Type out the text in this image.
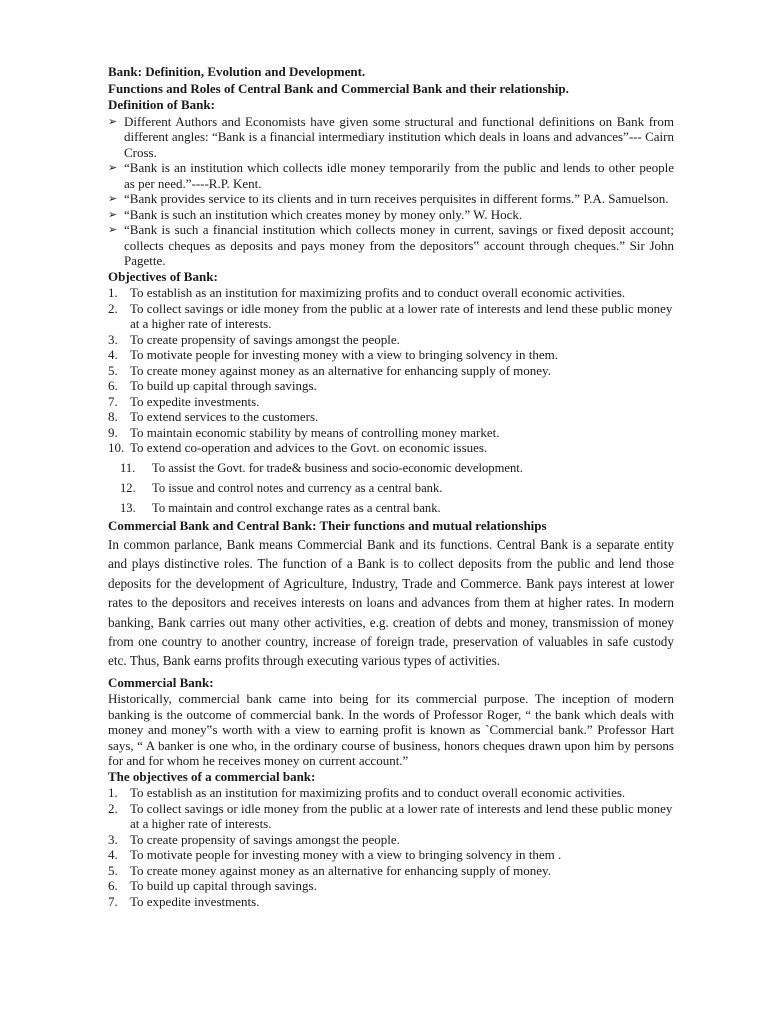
Bank: Definition, Evolution and Development.
Functions and Roles of Central Bank and Commercial Bank and their relationship.
Definition of Bank:
➢ Different Authors and Economists have given some structural and functional definitions on Bank from different angles: “Bank is a financial intermediary institution which deals in loans and advances”--- Cairn Cross.
➢ “Bank is an institution which collects idle money temporarily from the public and lends to other people as per need.”----R.P. Kent.
➢ “Bank provides service to its clients and in turn receives perquisites in different forms.” P.A. Samuelson.
➢ “Bank is such an institution which creates money by money only.” W. Hock.
➢ “Bank is such a financial institution which collects money in current, savings or fixed deposit account; collects cheques as deposits and pays money from the depositors‟ account through cheques.” Sir John Pagette.
Objectives of Bank:
1. To establish as an institution for maximizing profits and to conduct overall economic activities.
2. To collect savings or idle money from the public at a lower rate of interests and lend these public money at a higher rate of interests.
3. To create propensity of savings amongst the people.
4. To motivate people for investing money with a view to bringing solvency in them.
5. To create money against money as an alternative for enhancing supply of money.
6. To build up capital through savings.
7. To expedite investments.
8. To extend services to the customers.
9. To maintain economic stability by means of controlling money market.
10. To extend co-operation and advices to the Govt. on economic issues.
11. To assist the Govt. for trade& business and socio-economic development.
12. To issue and control notes and currency as a central bank.
13. To maintain and control exchange rates as a central bank.
Commercial Bank and Central Bank: Their functions and mutual relationships

In common parlance, Bank means Commercial Bank and its functions. Central Bank is a separate entity and plays distinctive roles. The function of a Bank is to collect deposits from the public and lend those deposits for the development of Agriculture, Industry, Trade and Commerce. Bank pays interest at lower rates to the depositors and receives interests on loans and advances from them at higher rates. In modern banking, Bank carries out many other activities, e.g. creation of debts and money, transmission of money from one country to another country, increase of foreign trade, preservation of valuables in safe custody etc. Thus, Bank earns profits through executing various types of activities.

Commercial Bank:

Historically, commercial bank came into being for its commercial purpose. The inception of modern banking is the outcome of commercial bank. In the words of Professor Roger, “ the bank which deals with money and money‟s worth with a view to earning profit is known as `Commercial bank.” Professor Hart says, “ A banker is one who, in the ordinary course of business, honors cheques drawn upon him by persons for and for whom he receives money on current account.”

The objectives of a commercial bank:
1. To establish as an institution for maximizing profits and to conduct overall economic activities.
2. To collect savings or idle money from the public at a lower rate of interests and lend these public money at a higher rate of interests.
3. To create propensity of savings amongst the people.
4. To motivate people for investing money with a view to bringing solvency in them .
5. To create money against money as an alternative for enhancing supply of money.
6. To build up capital through savings.
7. To expedite investments.
